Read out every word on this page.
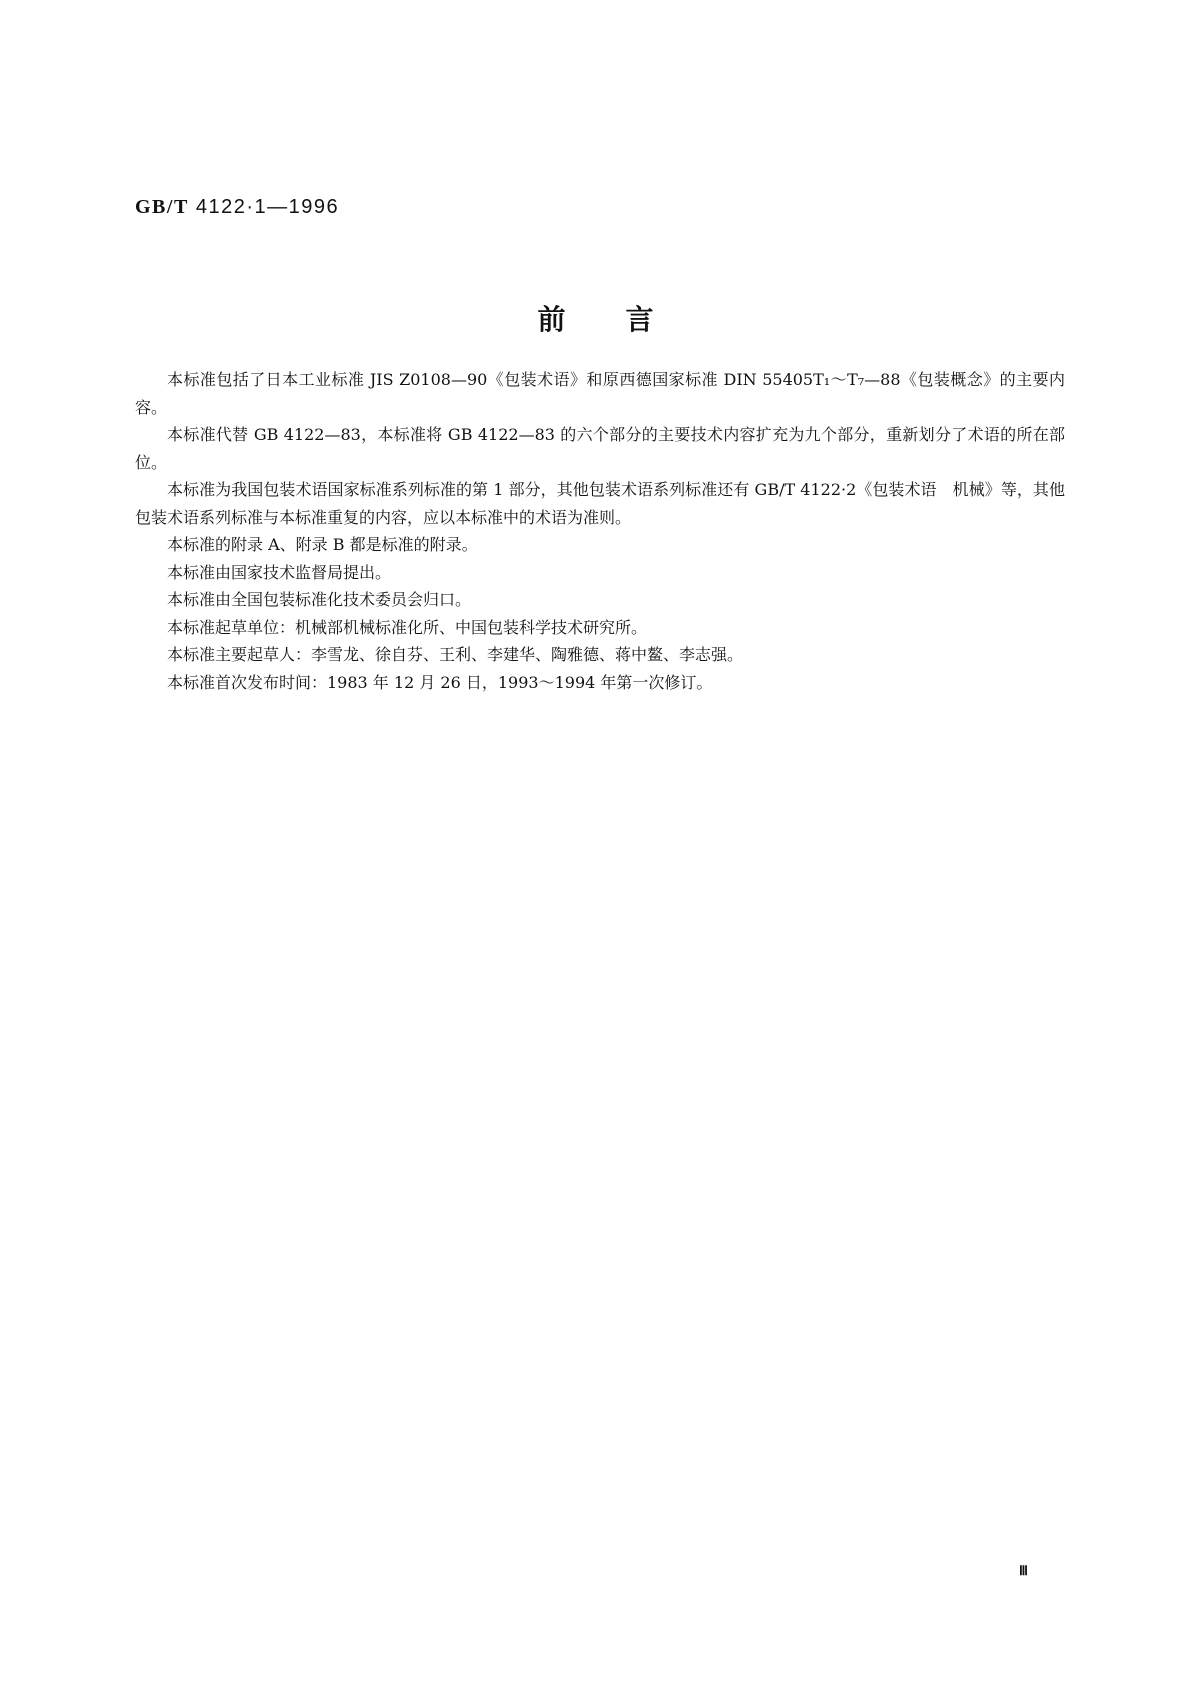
GB/T 4122·1—1996
前言

本标准包括了日本工业标准 JIS Z0108—90《包装术语》和原西德国家标准 DIN 55405T₁～T₇—88《包装概念》的主要内容。

本标准代替 GB 4122—83，本标准将 GB 4122—83 的六个部分的主要技术内容扩充为九个部分，重新划分了术语的所在部位。

本标准为我国包装术语国家标准系列标准的第 1 部分，其他包装术语系列标准还有 GB/T 4122·2《包装术语　机械》等，其他包装术语系列标准与本标准重复的内容，应以本标准中的术语为准则。

本标准的附录 A、附录 B 都是标准的附录。

本标准由国家技术监督局提出。

本标准由全国包装标准化技术委员会归口。

本标准起草单位：机械部机械标准化所、中国包装科学技术研究所。

本标准主要起草人：李雪龙、徐自芬、王利、李建华、陶雅德、蒋中鳌、李志强。

本标准首次发布时间：1983 年 12 月 26 日，1993～1994 年第一次修订。

Ⅲ
